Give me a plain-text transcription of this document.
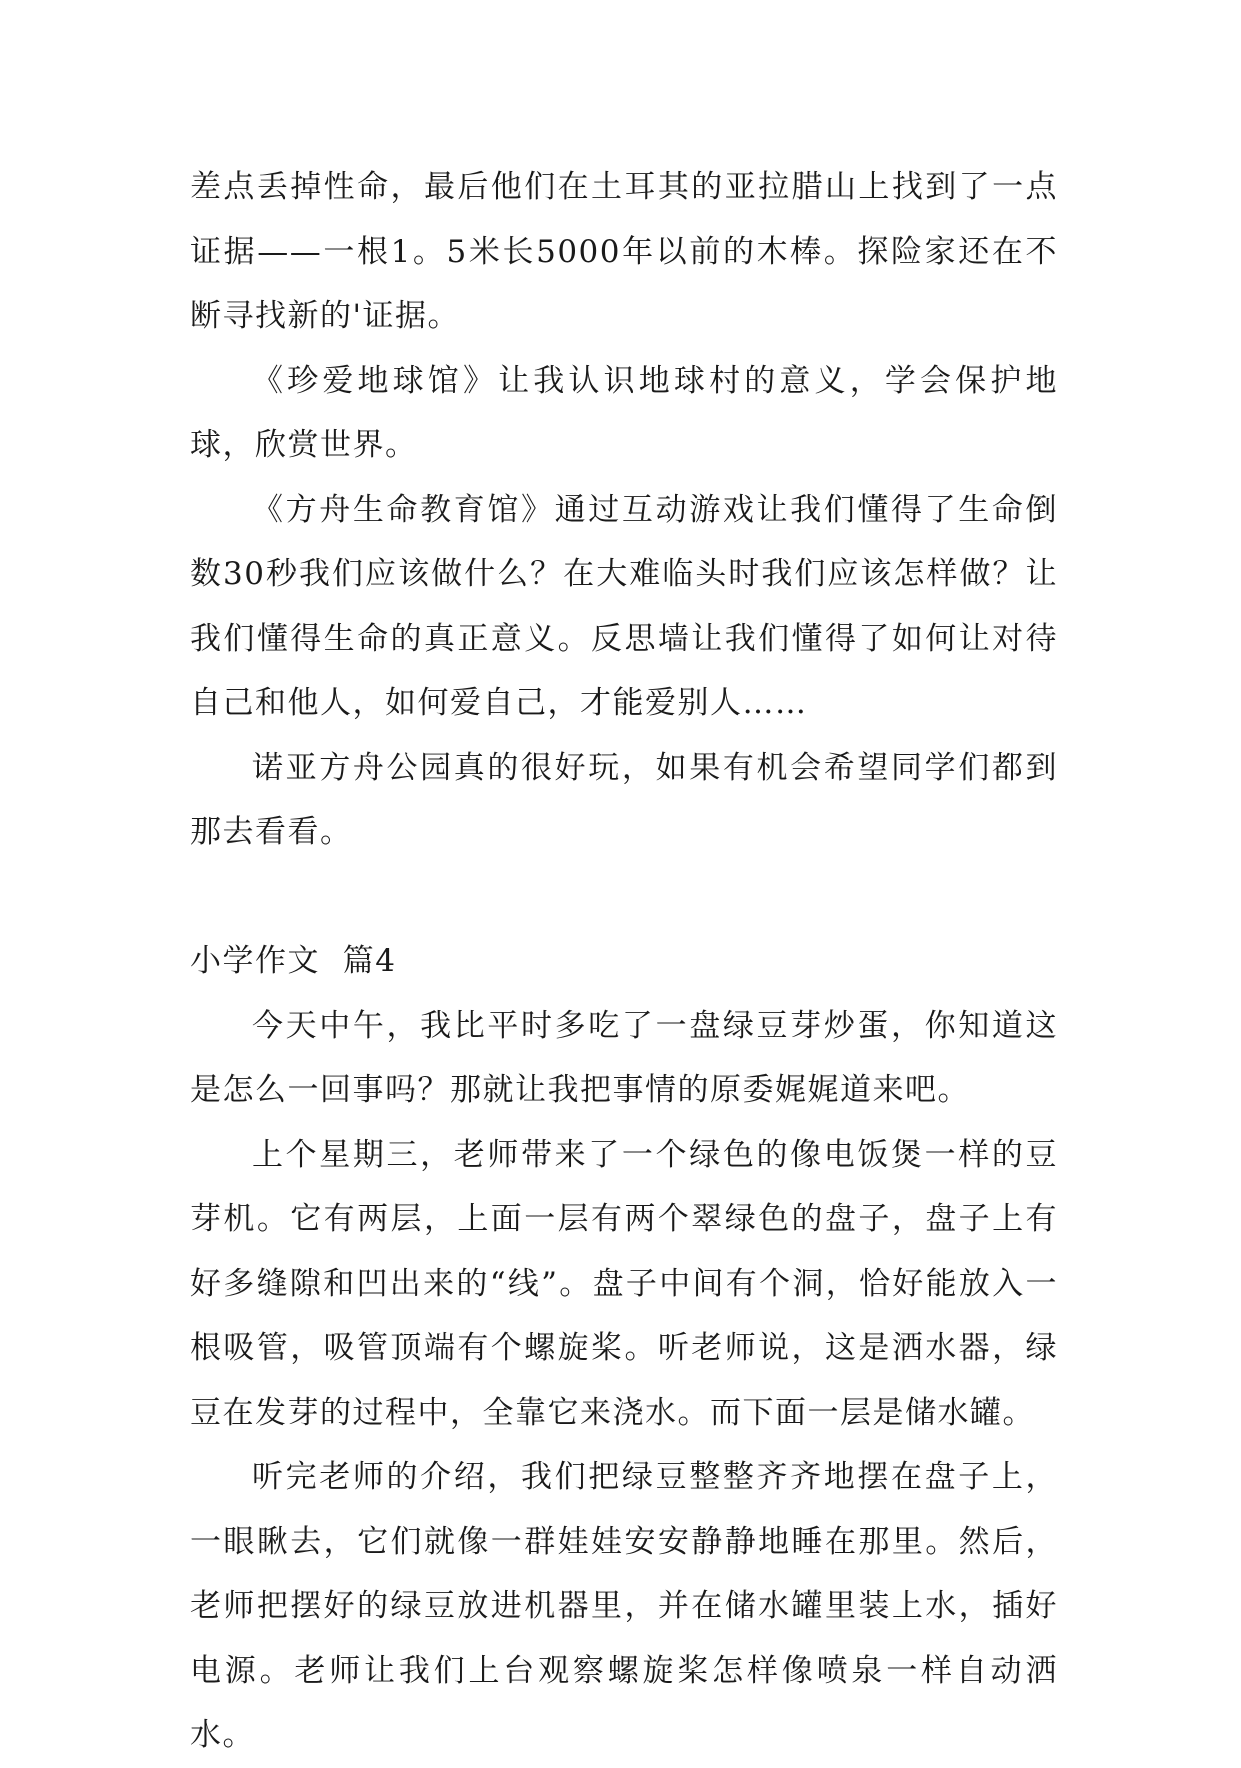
差点丢掉性命，最后他们在土耳其的亚拉腊山上找到了一点证据——一根1。5米长5000年以前的木棒。探险家还在不断寻找新的'证据。

《珍爱地球馆》让我认识地球村的意义，学会保护地球，欣赏世界。

《方舟生命教育馆》通过互动游戏让我们懂得了生命倒数30秒我们应该做什么？在大难临头时我们应该怎样做？让我们懂得生命的真正意义。反思墙让我们懂得了如何让对待自己和他人，如何爱自己，才能爱别人……

诺亚方舟公园真的很好玩，如果有机会希望同学们都到那去看看。

小学作文  篇4

今天中午，我比平时多吃了一盘绿豆芽炒蛋，你知道这是怎么一回事吗？那就让我把事情的原委娓娓道来吧。

上个星期三，老师带来了一个绿色的像电饭煲一样的豆芽机。它有两层，上面一层有两个翠绿色的盘子，盘子上有好多缝隙和凹出来的“线”。盘子中间有个洞，恰好能放入一根吸管，吸管顶端有个螺旋桨。听老师说，这是洒水器，绿豆在发芽的过程中，全靠它来浇水。而下面一层是储水罐。

听完老师的介绍，我们把绿豆整整齐齐地摆在盘子上，一眼瞅去，它们就像一群娃娃安安静静地睡在那里。然后，老师把摆好的绿豆放进机器里，并在储水罐里装上水，插好电源。老师让我们上台观察螺旋桨怎样像喷泉一样自动洒水。
